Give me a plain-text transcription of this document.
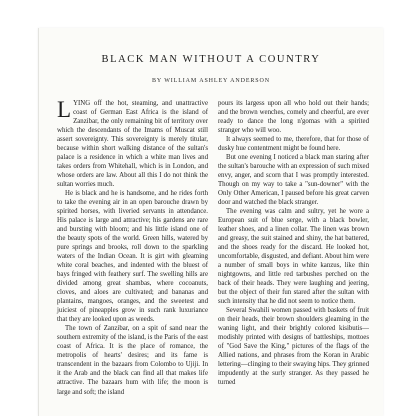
BLACK MAN WITHOUT A COUNTRY
BY WILLIAM ASHLEY ANDERSON

LYING off the hot, steaming, and unattractive coast of German East Africa is the island of Zanzibar, the only remaining bit of territory over which the descendants of the Imams of Muscat still assert sovereignty. This sovereignty is merely titular, because within short walking distance of the sultan's palace is a residence in which a white man lives and takes orders from Whitehall, which is in London, and whose orders are law. About all this I do not think the sultan worries much.

He is black and he is handsome, and he rides forth to take the evening air in an open barouche drawn by spirited horses, with liveried servants in attendance. His palace is large and attractive; his gardens are rare and bursting with bloom; and his little island one of the beauty spots of the world. Green hills, watered by pure springs and brooks, roll down to the sparkling waters of the Indian Ocean. It is girt with gleaming white coral beaches, and indented with the bluest of bays fringed with feathery surf. The swelling hills are divided among great shambas, where cocoanuts, cloves, and aloes are cultivated; and bananas and plantains, mangoes, oranges, and the sweetest and juiciest of pineapples grow in such rank luxuriance that they are looked upon as weeds.

The town of Zanzibar, on a spit of sand near the southern extremity of the island, is the Paris of the east coast of Africa. It is the place of romance, the metropolis of hearts' desires; and its fame is transcendent in the bazaars from Colombo to Ujiji. In it the Arab and the black can find all that makes life attractive. The bazaars hum with life; the moon is large and soft; the island

pours its largess upon all who hold out their hands; and the brown wenches, comely and cheerful, are ever ready to dance the long n'gomas with a spirited stranger who will woo.

It always seemed to me, therefore, that for those of dusky hue contentment might be found here.

But one evening I noticed a black man staring after the sultan's barouche with an expression of such mixed envy, anger, and scorn that I was promptly interested. Though on my way to take a "sun-downer" with the Only Other American, I paused before his great carven door and watched the black stranger.

The evening was calm and sultry, yet he wore a European suit of blue serge, with a black bowler, leather shoes, and a linen collar. The linen was brown and greasy, the suit stained and shiny, the hat battered, and the shoes ready for the discard. He looked hot, uncomfortable, disgusted, and defiant. About him were a number of small boys in white kanzus, like thin nightgowns, and little red tarbushes perched on the back of their heads. They were laughing and jeering, but the object of their fun stared after the sultan with such intensity that he did not seem to notice them.

Several Swahili women passed with baskets of fruit on their heads, their brown shoulders gleaming in the waning light, and their brightly colored kisibutis—modishly printed with designs of battleships, mottoes of "God Save the King," pictures of the flags of the Allied nations, and phrases from the Koran in Arabic lettering—clinging to their swaying hips. They grinned impudently at the surly stranger. As they passed he turned
